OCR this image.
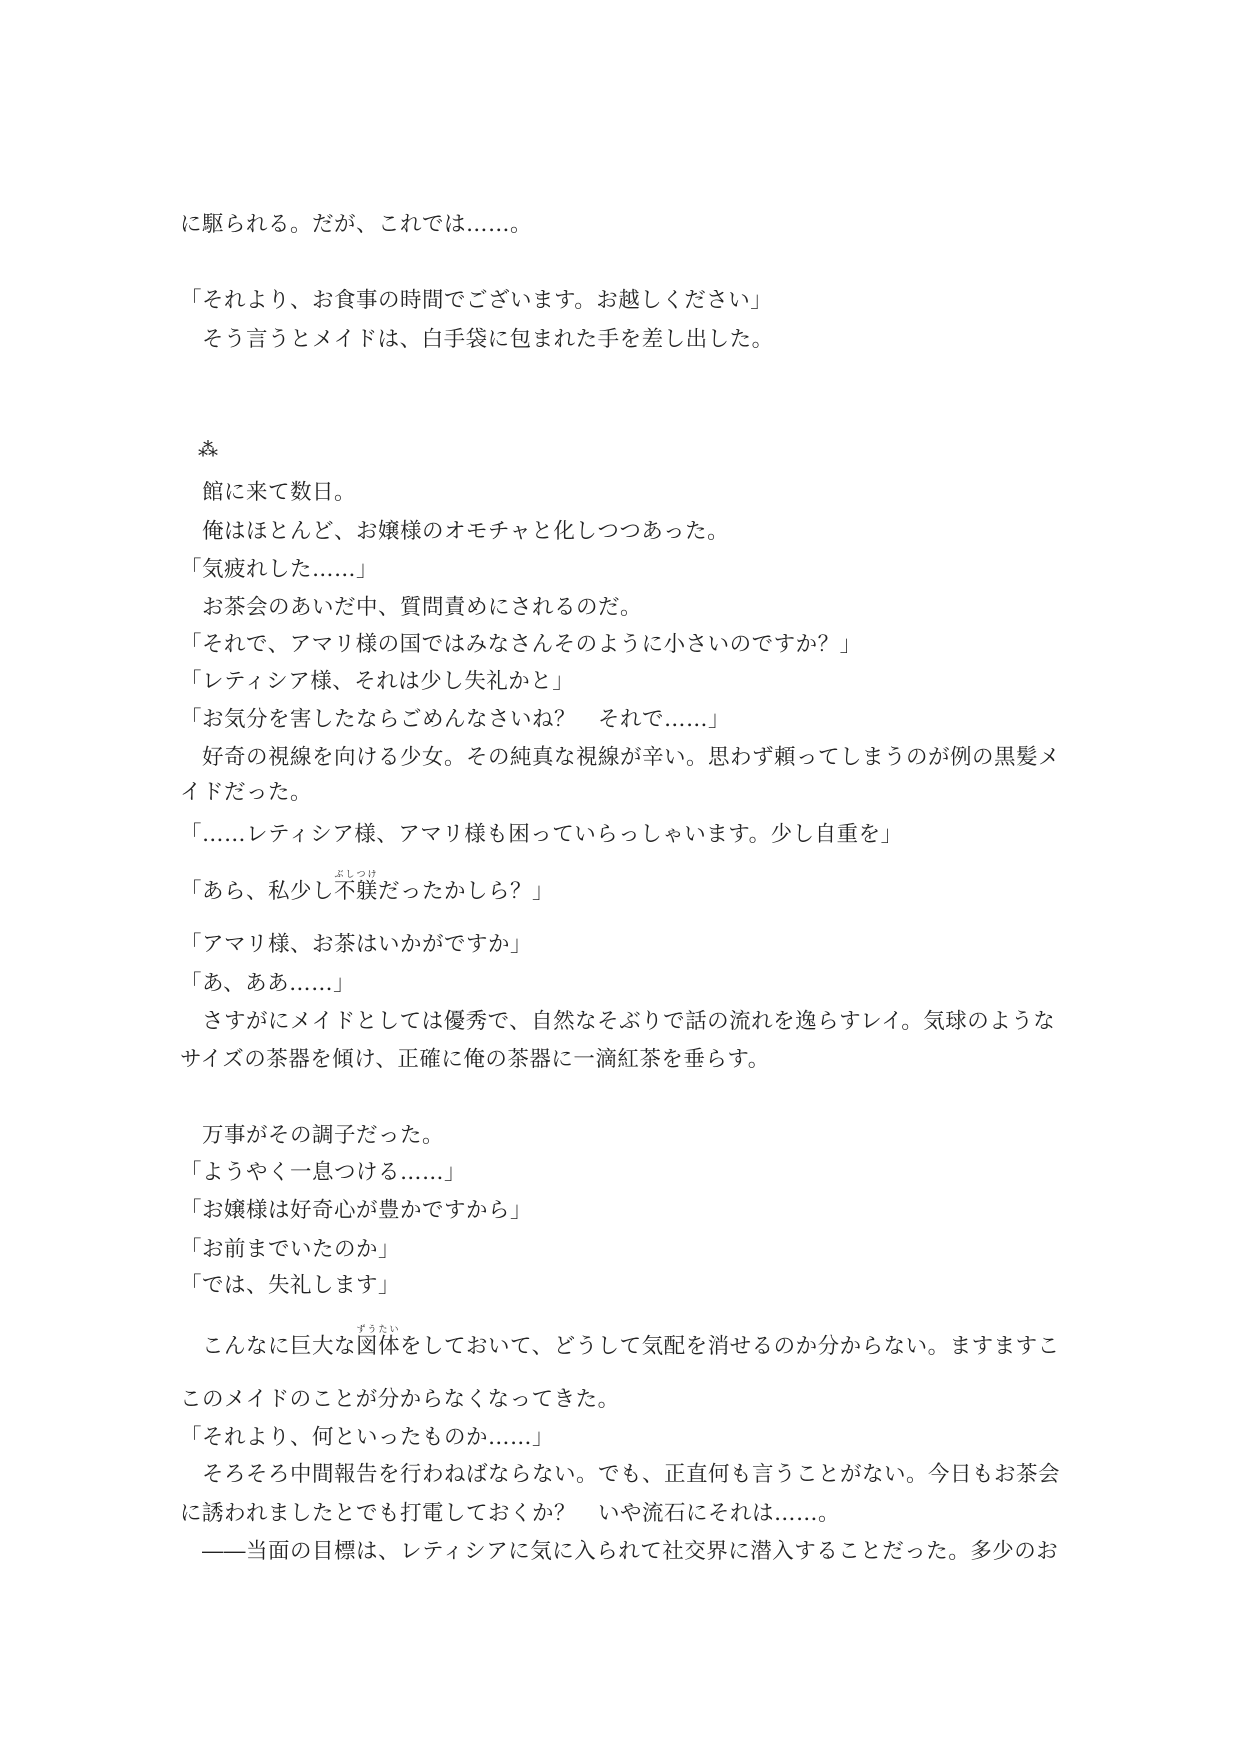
に駆られる。だが、これでは……。
「それより、お食事の時間でございます。お越しください」
　そう言うとメイドは、白手袋に包まれた手を差し出した。
⁂
　館に来て数日。
　俺はほとんど、お嬢様のオモチャと化しつつあった。
「気疲れした……」
　お茶会のあいだ中、質問責めにされるのだ。
「それで、アマリ様の国ではみなさんそのように小さいのですか？」
「レティシア様、それは少し失礼かと」
「お気分を害したならごめんなさいね？　それで……」
　好奇の視線を向ける少女。その純真な視線が辛い。思わず頼ってしまうのが例の黒髪メ
イドだった。
「……レティシア様、アマリ様も困っていらっしゃいます。少し自重を」
「あら、私少し不躾ぶしつけだったかしら？」
「アマリ様、お茶はいかがですか」
「あ、ああ……」
　さすがにメイドとしては優秀で、自然なそぶりで話の流れを逸らすレイ。気球のような
サイズの茶器を傾け、正確に俺の茶器に一滴紅茶を垂らす。
　万事がその調子だった。
「ようやく一息つける……」
「お嬢様は好奇心が豊かですから」
「お前までいたのか」
「では、失礼します」
　こんなに巨大な図体ずうたいをしておいて、どうして気配を消せるのか分からない。ますますこ
このメイドのことが分からなくなってきた。
「それより、何といったものか……」
　そろそろ中間報告を行わねばならない。でも、正直何も言うことがない。今日もお茶会
に誘われましたとでも打電しておくか？　いや流石にそれは……。
　――当面の目標は、レティシアに気に入られて社交界に潜入することだった。多少のお
